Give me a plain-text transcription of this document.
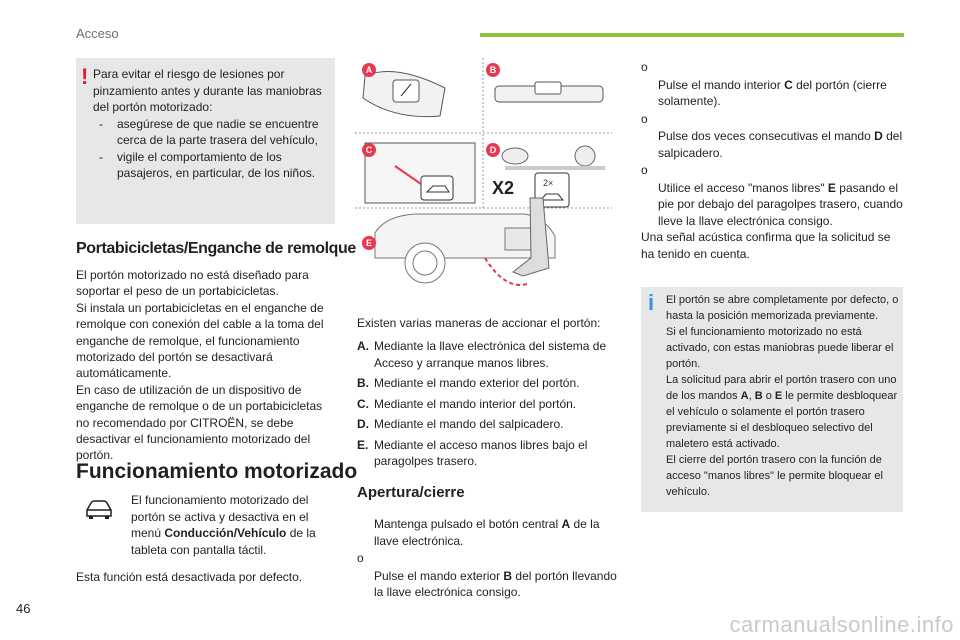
Acceso
! Para evitar el riesgo de lesiones por pinzamiento antes y durante las maniobras del portón motorizado:

-	asegúrese de que nadie se encuentre cerca de la parte trasera del vehículo,
-	vigile el comportamiento de los pasajeros, en particular, de los niños.
Portabicicletas/Enganche de remolque

El portón motorizado no está diseñado para soportar el peso de un portabicicletas.

Si instala un portabicicletas en el enganche de remolque con conexión del cable a la toma del enganche de remolque, el funcionamiento motorizado del portón se desactivará automáticamente.

En caso de utilización de un dispositivo de enganche de remolque o de un portabicicletas no recomendado por CITROËN, se debe desactivar el funcionamiento motorizado del portón.

Funcionamiento motorizado

El funcionamiento motorizado del portón se activa y desactiva en el menú Conducción/Vehículo de la tableta con pantalla táctil.

Esta función está desactivada por defecto.
X2	2×
A	B
C	D
E
Existen varias maneras de accionar el portón:
A. Mediante la llave electrónica del sistema de Acceso y arranque manos libres.
B. Mediante el mando exterior del portón.
C. Mediante el mando interior del portón.
D. Mediante el mando del salpicadero.
E. Mediante el acceso manos libres bajo el paragolpes trasero.
Apertura/cierre
Mantenga pulsado el botón central A de la llave electrónica.
o
Pulse el mando exterior B del portón llevando la llave electrónica consigo.
o
Pulse el mando interior C del portón (cierre solamente).
o
Pulse dos veces consecutivas el mando D del salpicadero.
o
Utilice el acceso "manos libres" E pasando el pie por debajo del paragolpes trasero, cuando lleve la llave electrónica consigo.

Una señal acústica confirma que la solicitud se ha tenido en cuenta.

i El portón se abre completamente por defecto, o hasta la posición memorizada previamente.

Si el funcionamiento motorizado no está activado, con estas maniobras puede liberar el portón.

La solicitud para abrir el portón trasero con uno de los mandos A, B o E le permite desbloquear el vehículo o solamente el portón trasero previamente si el desbloqueo selectivo del maletero está activado.

El cierre del portón trasero con la función de acceso "manos libres" le permite bloquear el vehículo.

46
carmanualsonline.info
